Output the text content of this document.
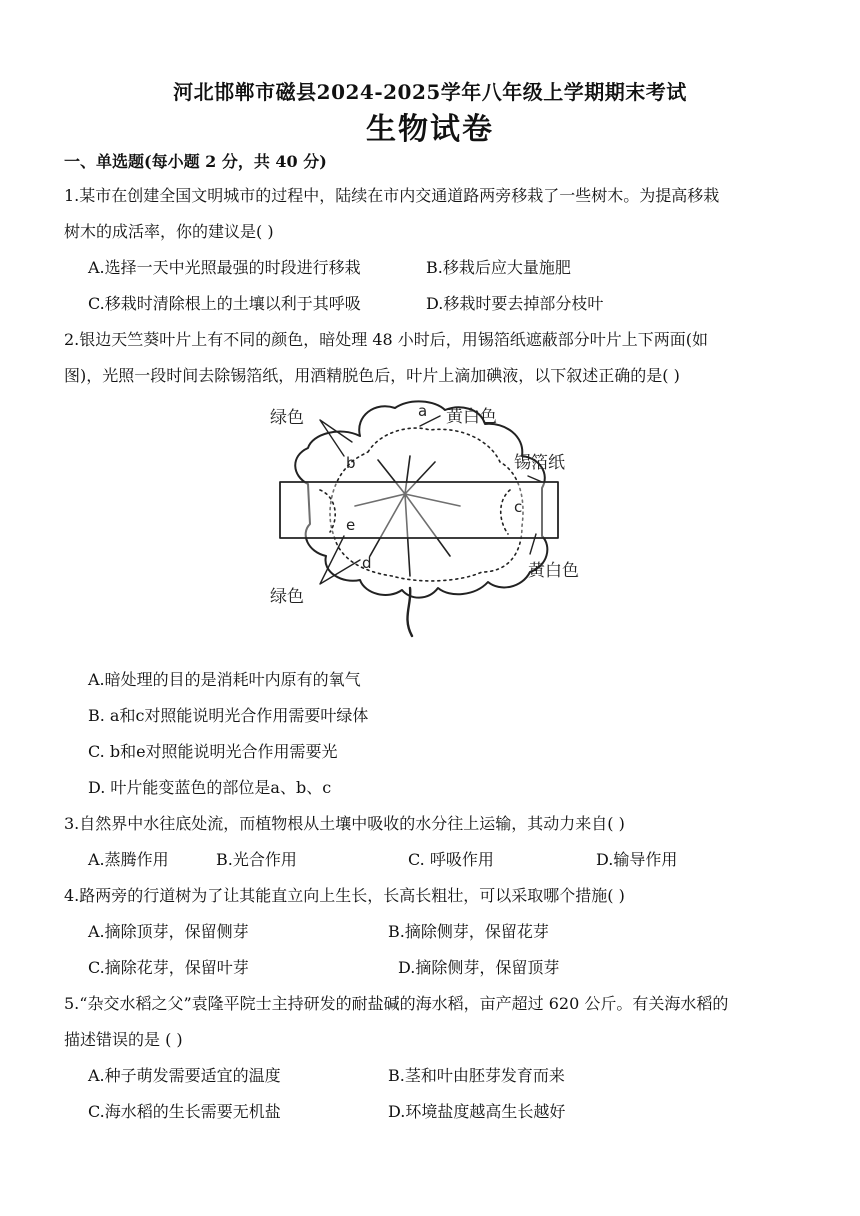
河北邯郸市磁县2024-2025学年八年级上学期期末考试
生物试卷
一、单选题(每小题 2 分，共 40 分)
1.某市在创建全国文明城市的过程中，陆续在市内交通道路两旁移栽了一些树木。为提高移栽
树木的成活率，你的建议是( )
A.选择一天中光照最强的时段进行移栽	B.移栽后应大量施肥
C.移栽时清除根上的土壤以利于其呼吸	D.移栽时要去掉部分枝叶
2.银边天竺葵叶片上有不同的颜色，暗处理 48 小时后，用锡箔纸遮蔽部分叶片上下两面(如
图)，光照一段时间去除锡箔纸，用酒精脱色后，叶片上滴加碘液，以下叙述正确的是( )
绿色	黄白色
锡箔纸
黄白色
绿色
a
b
c
d
e
A.暗处理的目的是消耗叶内原有的氧气
B. a和c对照能说明光合作用需要叶绿体
C. b和e对照能说明光合作用需要光
D. 叶片能变蓝色的部位是a、b、c
3.自然界中水往底处流，而植物根从土壤中吸收的水分往上运输，其动力来自( )
A.蒸腾作用	B.光合作用	C. 呼吸作用	D.输导作用
4.路两旁的行道树为了让其能直立向上生长，长高长粗壮，可以采取哪个措施( )
A.摘除顶芽，保留侧芽	B.摘除侧芽，保留花芽
C.摘除花芽，保留叶芽	D.摘除侧芽，保留顶芽
5.“杂交水稻之父”袁隆平院士主持研发的耐盐碱的海水稻，亩产超过 620 公斤。有关海水稻的
描述错误的是 ( )
A.种子萌发需要适宜的温度	B.茎和叶由胚芽发育而来
C.海水稻的生长需要无机盐	D.环境盐度越高生长越好
